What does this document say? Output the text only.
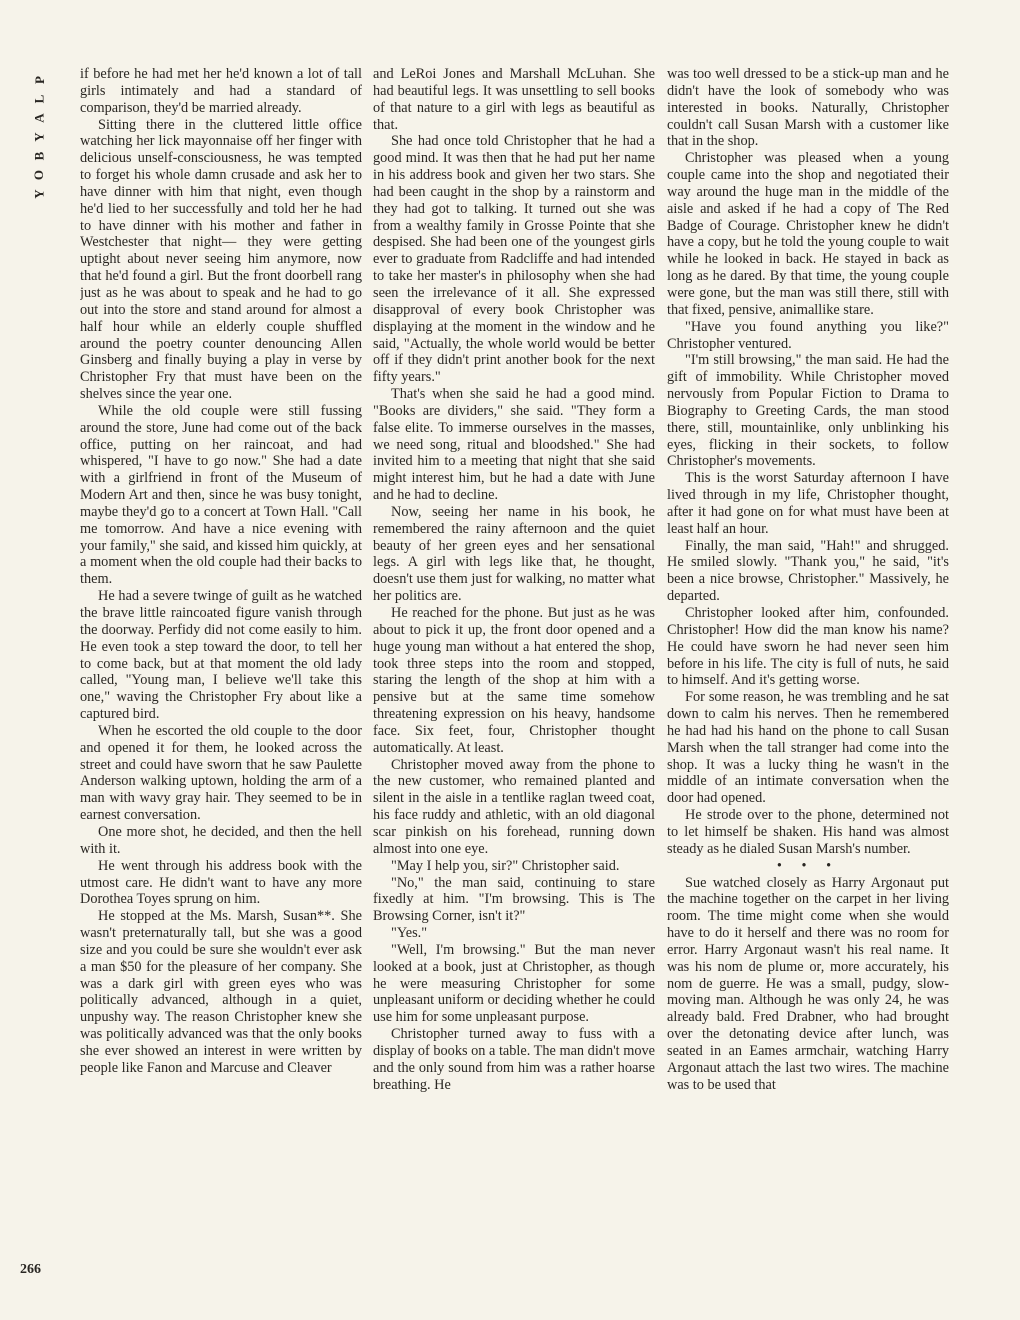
P
L
A
Y
B
O
Y
266

if before he had met her he'd known a lot of tall girls intimately and had a standard of comparison, they'd be married already.

Sitting there in the cluttered little office watching her lick mayonnaise off her finger with delicious unself-consciousness, he was tempted to forget his whole damn crusade and ask her to have dinner with him that night, even though he'd lied to her successfully and told her he had to have dinner with his mother and father in Westchester that night— they were getting uptight about never seeing him anymore, now that he'd found a girl. But the front doorbell rang just as he was about to speak and he had to go out into the store and stand around for almost a half hour while an elderly couple shuffled around the poetry counter denouncing Allen Ginsberg and finally buying a play in verse by Christopher Fry that must have been on the shelves since the year one.

While the old couple were still fussing around the store, June had come out of the back office, putting on her raincoat, and had whispered, "I have to go now." She had a date with a girlfriend in front of the Museum of Modern Art and then, since he was busy tonight, maybe they'd go to a concert at Town Hall. "Call me tomorrow. And have a nice evening with your family," she said, and kissed him quickly, at a moment when the old couple had their backs to them.

He had a severe twinge of guilt as he watched the brave little raincoated figure vanish through the doorway. Perfidy did not come easily to him. He even took a step toward the door, to tell her to come back, but at that moment the old lady called, "Young man, I believe we'll take this one," waving the Christopher Fry about like a captured bird.

When he escorted the old couple to the door and opened it for them, he looked across the street and could have sworn that he saw Paulette Anderson walking uptown, holding the arm of a man with wavy gray hair. They seemed to be in earnest conversation.

One more shot, he decided, and then the hell with it.

He went through his address book with the utmost care. He didn't want to have any more Dorothea Toyes sprung on him.

He stopped at the Ms. Marsh, Susan**. She wasn't preternaturally tall, but she was a good size and you could be sure she wouldn't ever ask a man $50 for the pleasure of her company. She was a dark girl with green eyes who was politically advanced, although in a quiet, unpushy way. The reason Christopher knew she was politically advanced was that the only books she ever showed an interest in were written by people like Fanon and Marcuse and Cleaver

and LeRoi Jones and Marshall McLuhan. She had beautiful legs. It was unsettling to sell books of that nature to a girl with legs as beautiful as that.

She had once told Christopher that he had a good mind. It was then that he had put her name in his address book and given her two stars. She had been caught in the shop by a rainstorm and they had got to talking. It turned out she was from a wealthy family in Grosse Pointe that she despised. She had been one of the youngest girls ever to graduate from Radcliffe and had intended to take her master's in philosophy when she had seen the irrelevance of it all. She expressed disapproval of every book Christopher was displaying at the moment in the window and he said, "Actually, the whole world would be better off if they didn't print another book for the next fifty years."

That's when she said he had a good mind. "Books are dividers," she said. "They form a false elite. To immerse ourselves in the masses, we need song, ritual and bloodshed." She had invited him to a meeting that night that she said might interest him, but he had a date with June and he had to decline.

Now, seeing her name in his book, he remembered the rainy afternoon and the quiet beauty of her green eyes and her sensational legs. A girl with legs like that, he thought, doesn't use them just for walking, no matter what her politics are.

He reached for the phone. But just as he was about to pick it up, the front door opened and a huge young man without a hat entered the shop, took three steps into the room and stopped, staring the length of the shop at him with a pensive but at the same time somehow threatening expression on his heavy, handsome face. Six feet, four, Christopher thought automatically. At least.

Christopher moved away from the phone to the new customer, who remained planted and silent in the aisle in a tentlike raglan tweed coat, his face ruddy and athletic, with an old diagonal scar pinkish on his forehead, running down almost into one eye.

"May I help you, sir?" Christopher said.

"No," the man said, continuing to stare fixedly at him. "I'm browsing. This is The Browsing Corner, isn't it?"

"Yes."

"Well, I'm browsing." But the man never looked at a book, just at Christopher, as though he were measuring Christopher for some unpleasant uniform or deciding whether he could use him for some unpleasant purpose.

Christopher turned away to fuss with a display of books on a table. The man didn't move and the only sound from him was a rather hoarse breathing. He

was too well dressed to be a stick-up man and he didn't have the look of somebody who was interested in books. Naturally, Christopher couldn't call Susan Marsh with a customer like that in the shop.

Christopher was pleased when a young couple came into the shop and negotiated their way around the huge man in the middle of the aisle and asked if he had a copy of The Red Badge of Courage. Christopher knew he didn't have a copy, but he told the young couple to wait while he looked in back. He stayed in back as long as he dared. By that time, the young couple were gone, but the man was still there, still with that fixed, pensive, animallike stare.

"Have you found anything you like?" Christopher ventured.

"I'm still browsing," the man said. He had the gift of immobility. While Christopher moved nervously from Popular Fiction to Drama to Biography to Greeting Cards, the man stood there, still, mountainlike, only unblinking his eyes, flicking in their sockets, to follow Christopher's movements.

This is the worst Saturday afternoon I have lived through in my life, Christopher thought, after it had gone on for what must have been at least half an hour.

Finally, the man said, "Hah!" and shrugged. He smiled slowly. "Thank you," he said, "it's been a nice browse, Christopher." Massively, he departed.

Christopher looked after him, confounded. Christopher! How did the man know his name? He could have sworn he had never seen him before in his life. The city is full of nuts, he said to himself. And it's getting worse.

For some reason, he was trembling and he sat down to calm his nerves. Then he remembered he had had his hand on the phone to call Susan Marsh when the tall stranger had come into the shop. It was a lucky thing he wasn't in the middle of an intimate conversation when the door had opened.

He strode over to the phone, determined not to let himself be shaken. His hand was almost steady as he dialed Susan Marsh's number.

• • •

Sue watched closely as Harry Argonaut put the machine together on the carpet in her living room. The time might come when she would have to do it herself and there was no room for error. Harry Argonaut wasn't his real name. It was his nom de plume or, more accurately, his nom de guerre. He was a small, pudgy, slow-moving man. Although he was only 24, he was already bald. Fred Drabner, who had brought over the detonating device after lunch, was seated in an Eames armchair, watching Harry Argonaut attach the last two wires. The machine was to be used that
